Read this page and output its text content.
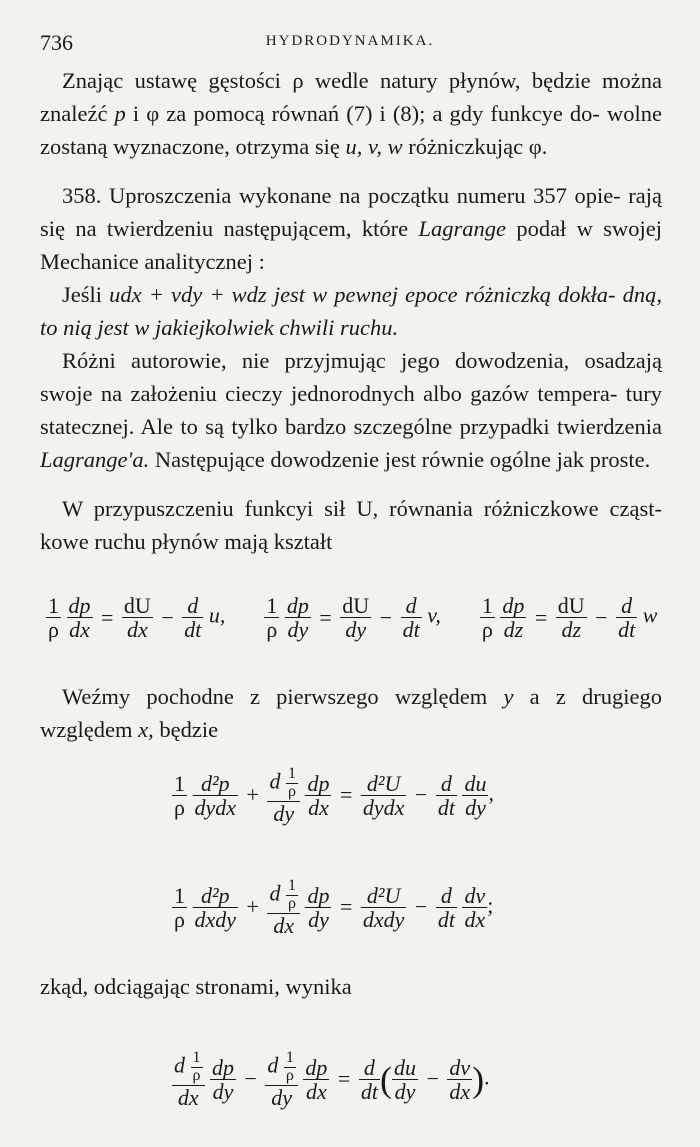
736	HYDRODYNAMIKA.

Znając ustawę gęstości ρ wedle natury płynów, będzie można znaleźć p i φ za pomocą równań (7) i (8); a gdy funkcye do- wolne zostaną wyznaczone, otrzyma się u, v, w różniczkując φ.

358. Uproszczenia wykonane na początku numeru 357 opie- rają się na twierdzeniu następującem, które Lagrange podał w swojej Mechanice analitycznej :

Jeśli udx + vdy + wdz jest w pewnej epoce różniczką dokła- dną, to nią jest w jakiejkolwiek chwili ruchu.

Różni autorowie, nie przyjmując jego dowodzenia, osadzają swoje na założeniu cieczy jednorodnych albo gazów tempera- tury statecznej. Ale to są tylko bardzo szczególne przypadki twierdzenia Lagrange'a. Następujące dowodzenie jest równie ogólne jak proste.

W przypuszczeniu funkcyi sił U, równania różniczkowe cząst- kowe ruchu płynów mają kształt

$\frac{1}{\rho}$
$\frac{dp}{dx} = \frac{dU}{dx} - \frac{d}{dt} u$, $\frac{1}{\rho}$
$\frac{dp}{dy} = \frac{dU}{dy} - \frac{d}{dt} v$, $\frac{1}{\rho}$
$\frac{dp}{dz} = \frac{dU}{dz} - \frac{d}{dt}$ w

Weźmy pochodne z pierwszego względem y a z drugiego względem x, będzie

$\frac{1}{\rho}$
$\frac{\text{d²p}}{\text{dydx}} + \frac{d \frac{1}{\rho}}{dy}$
$\frac{dp}{dx} = \frac{\text{d²U}}{\text{dydx}} - \frac{d}{dt}$
$\frac{du}{dy}$ ,
$\frac{1}{\rho}$
$\frac{\text{d²p}}{\text{dxdy}} + \frac{d \frac{1}{\rho}}{dx}$
$\frac{dp}{dy} = \frac{\text{d²U}}{\text{dxdy}} - \frac{d}{dt}$
$\frac{dv}{dx}$ ;

zkąd, odciągając stronami, wynika

$\frac{d \frac{1}{\rho}}{dx}$
$\frac{dp}{dy} - \frac{d \frac{1}{\rho}}{dy}$
$\frac{dp}{dx} = \frac{d}{dt}$ ( $\frac{du}{dy} - \frac{dv}{dx}$ ).
